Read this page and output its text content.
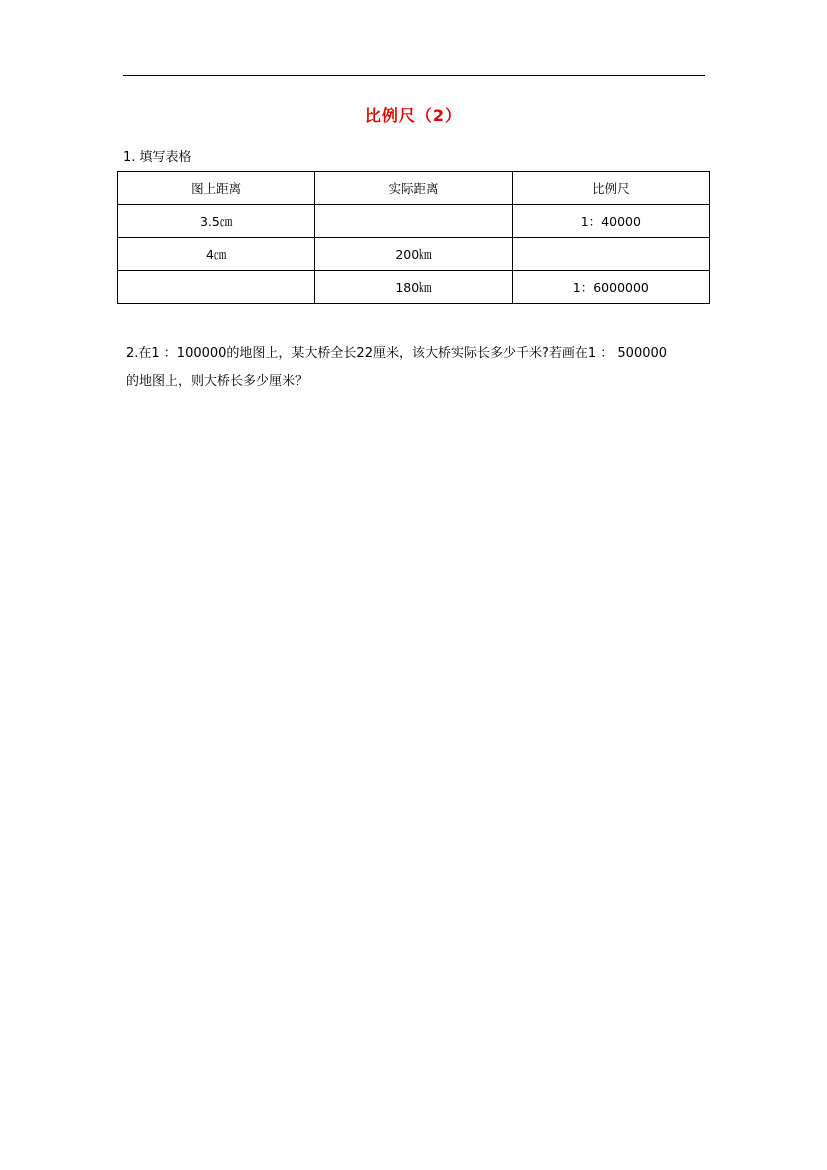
比例尺（2）
1. 填写表格
图上距离	实际距离	比例尺
3.5㎝		1：40000
4㎝	200㎞	
	180㎞	1：6000000
2.在1 ：100000的地图上，某大桥全长22厘米，该大桥实际长多少千米?若画在1 ： 500000
的地图上，则大桥长多少厘米？
